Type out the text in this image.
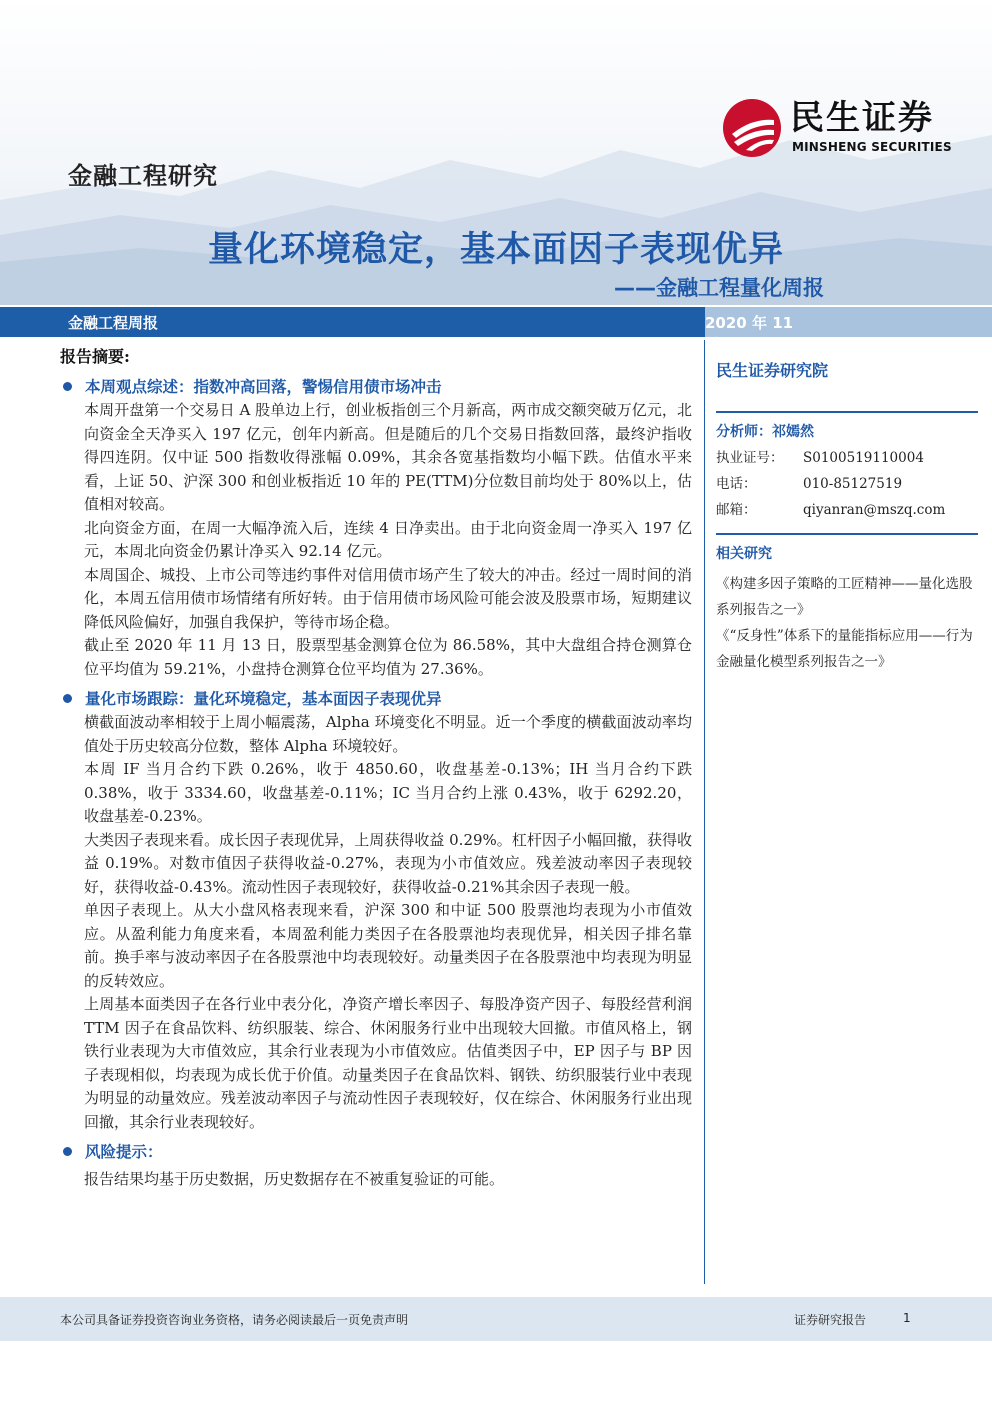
民生证券
MINSHENG SECURITIES
金融工程研究
量化环境稳定，基本面因子表现优异
——金融工程量化周报
金融工程周报	2020 年 11 月 16 日
报告摘要:
本周观点综述：指数冲高回落，警惕信用债市场冲击

本周开盘第一个交易日 A 股单边上行，创业板指创三个月新高，两市成交额突破万亿元，北向资金全天净买入 197 亿元，创年内新高。但是随后的几个交易日指数回落，最终沪指收得四连阴。仅中证 500 指数收得涨幅 0.09%，其余各宽基指数均小幅下跌。估值水平来看，上证 50、沪深 300 和创业板指近 10 年的 PE(TTM)分位数目前均处于 80%以上，估值相对较高。

北向资金方面，在周一大幅净流入后，连续 4 日净卖出。由于北向资金周一净买入 197 亿元，本周北向资金仍累计净买入 92.14 亿元。

本周国企、城投、上市公司等违约事件对信用债市场产生了较大的冲击。经过一周时间的消化，本周五信用债市场情绪有所好转。由于信用债市场风险可能会波及股票市场，短期建议降低风险偏好，加强自我保护，等待市场企稳。

截止至 2020 年 11 月 13 日，股票型基金测算仓位为 86.58%，其中大盘组合持仓测算仓位平均值为 59.21%，小盘持仓测算仓位平均值为 27.36%。

量化市场跟踪：量化环境稳定，基本面因子表现优异

横截面波动率相较于上周小幅震荡，Alpha 环境变化不明显。近一个季度的横截面波动率均值处于历史较高分位数，整体 Alpha 环境较好。

本周 IF 当月合约下跌 0.26%，收于 4850.60，收盘基差-0.13%；IH 当月合约下跌 0.38%，收于 3334.60，收盘基差-0.11%；IC 当月合约上涨 0.43%，收于 6292.20，收盘基差-0.23%。

大类因子表现来看。成长因子表现优异，上周获得收益 0.29%。杠杆因子小幅回撤，获得收益 0.19%。对数市值因子获得收益-0.27%，表现为小市值效应。残差波动率因子表现较好，获得收益-0.43%。流动性因子表现较好，获得收益-0.21%其余因子表现一般。

单因子表现上。从大小盘风格表现来看，沪深 300 和中证 500 股票池均表现为小市值效应。从盈利能力角度来看，本周盈利能力类因子在各股票池均表现优异，相关因子排名靠前。换手率与波动率因子在各股票池中均表现较好。动量类因子在各股票池中均表现为明显的反转效应。

上周基本面类因子在各行业中表分化，净资产增长率因子、每股净资产因子、每股经营利润 TTM 因子在食品饮料、纺织服装、综合、休闲服务行业中出现较大回撤。市值风格上，钢铁行业表现为大市值效应，其余行业表现为小市值效应。估值类因子中，EP 因子与 BP 因子表现相似，均表现为成长优于价值。动量类因子在食品饮料、钢铁、纺织服装行业中表现为明显的动量效应。残差波动率因子与流动性因子表现较好，仅在综合、休闲服务行业出现回撤，其余行业表现较好。

风险提示：

报告结果均基于历史数据，历史数据存在不被重复验证的可能。

民生证券研究院
分析师：祁嫣然
执业证号：	S0100519110004
电话：	010-85127519
邮箱：	qiyanran@mszq.com
相关研究
《构建多因子策略的工匠精神——量化选股系列报告之一》
《“反身性”体系下的量能指标应用——行为金融量化模型系列报告之一》
本公司具备证券投资咨询业务资格，请务必阅读最后一页免责声明	证券研究报告	1
